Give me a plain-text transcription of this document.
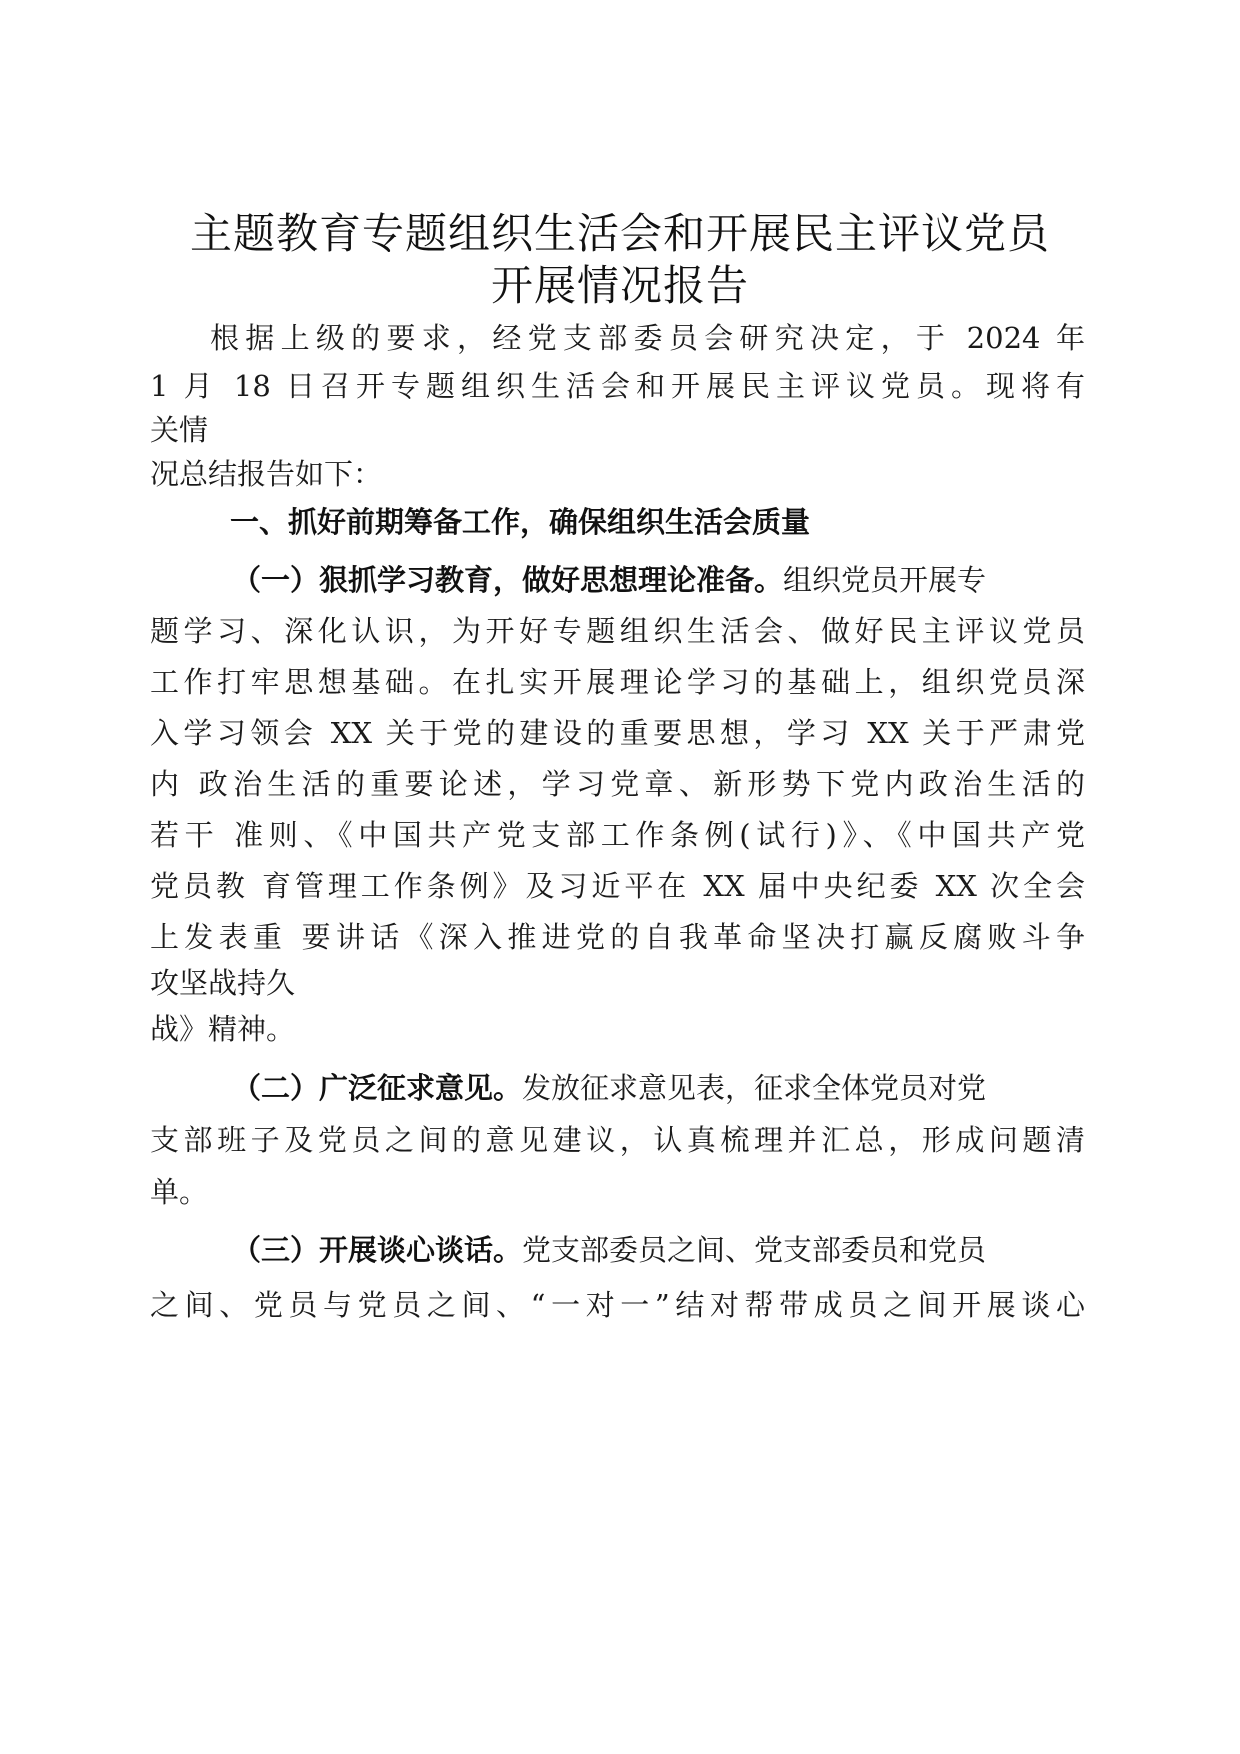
主题教育专题组织生活会和开展民主评议党员
开展情况报告
根据上级的要求，经党支部委员会研究决定，于 2024 年
1 月 18 日召开专题组织生活会和开展民主评议党员。现将有
关情
况总结报告如下：
一、抓好前期筹备工作，确保组织生活会质量
（一）狠抓学习教育，做好思想理论准备。组织党员开展专
题学习、深化认识，为开好专题组织生活会、做好民主评议党员
工作打牢思想基础。在扎实开展理论学习的基础上，组织党员深
入学习领会 XX 关于党的建设的重要思想，学习 XX 关于严肃党
内 政治生活的重要论述，学习党章、新形势下党内政治生活的
若干 准则、《中国共产党支部工作条例(试行)》、《中国共产党
党员教 育管理工作条例》及习近平在 XX 届中央纪委 XX 次全会
上发表重 要讲话《深入推进党的自我革命坚决打赢反腐败斗争
攻坚战持久
战》精神。
（二）广泛征求意见。发放征求意见表，征求全体党员对党
支部班子及党员之间的意见建议，认真梳理并汇总，形成问题清
单。
（三）开展谈心谈话。党支部委员之间、党支部委员和党员
之间、党员与党员之间、“一对一”结对帮带成员之间开展谈心
